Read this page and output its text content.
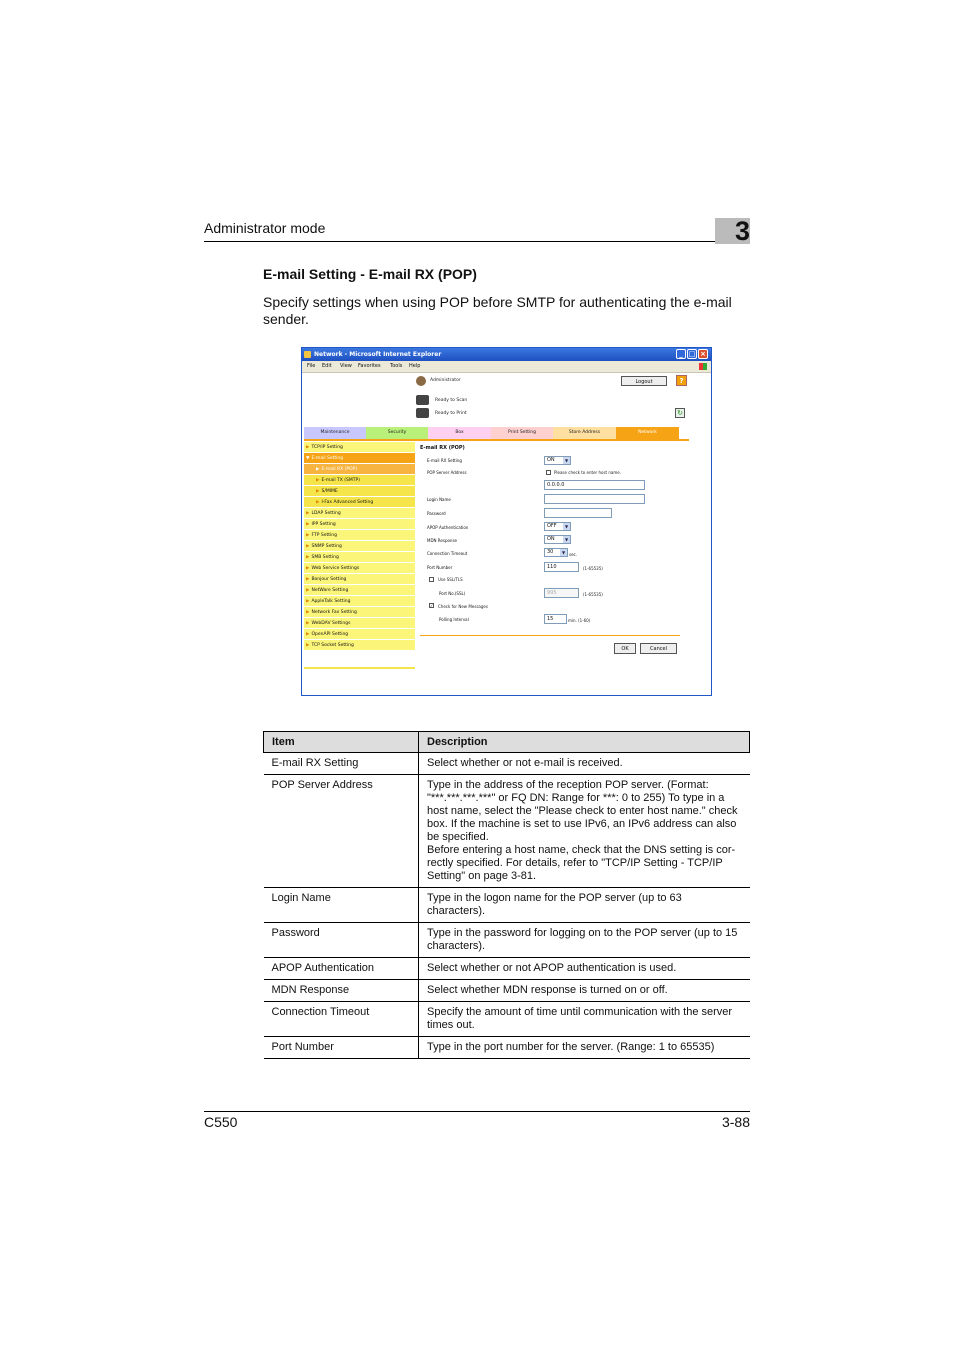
Administrator mode	3
E-mail Setting - E-mail RX (POP)
Specify settings when using POP before SMTP for authenticating the e-mail sender.
Network - Microsoft Internet Explorer	_ □ ×
File Edit View Favorites Tools Help
Administrator	Logout	?
Ready to Scan
Ready to Print	↻
Maintenance	Security	Box	Print Setting	Store Address	Network
▶ TCP/IP Setting
▼ E-mail Setting
▶ E-mail RX (POP)
▶ E-mail TX (SMTP)
▶ S/MIME
▶ I-Fax Advanced Setting
▶ LDAP Setting
▶ IPP Setting
▶ FTP Setting
▶ SNMP Setting
▶ SMB Setting
▶ Web Service Settings
▶ Bonjour Setting
▶ NetWare Setting
▶ AppleTalk Setting
▶ Network Fax Setting
▶ WebDAV Settings
▶ OpenAPI Setting
▶ TCP Socket Setting
E-mail RX (POP)
E-mail RX Setting	ON	▼
POP Server Address	Please check to enter host name.
0.0.0.0
Login Name
Password
APOP Authentication	OFF	▼
MDN Response	ON	▼
Connection Timeout	30	▼ sec.
Port Number	110	(1-65535)
Use SSL/TLS
Port No.(SSL)	995	(1-65535)
✓ Check for New Messages
Polling Interval	15	min. (1-60)
OK	Cancel
Item	Description
E-mail RX Setting	Select whether or not e-mail is received.
POP Server Address	Type in the address of the reception POP server. (Format: "***.***.***.***" or FQ DN: Range for ***: 0 to 255) To type in a host name, select the "Please check to enter host name." check box. If the machine is set to use IPv6, an IPv6 address can also be specified.
Before entering a host name, check that the DNS setting is cor-rectly specified. For details, refer to "TCP/IP Setting - TCP/IP Setting" on page 3-81.
Login Name	Type in the logon name for the POP server (up to 63 characters).
Password	Type in the password for logging on to the POP server (up to 15 characters).
APOP Authentication	Select whether or not APOP authentication is used.
MDN Response	Select whether MDN response is turned on or off.
Connection Timeout	Specify the amount of time until communication with the server times out.
Port Number	Type in the port number for the server. (Range: 1 to 65535)
C550	3-88
